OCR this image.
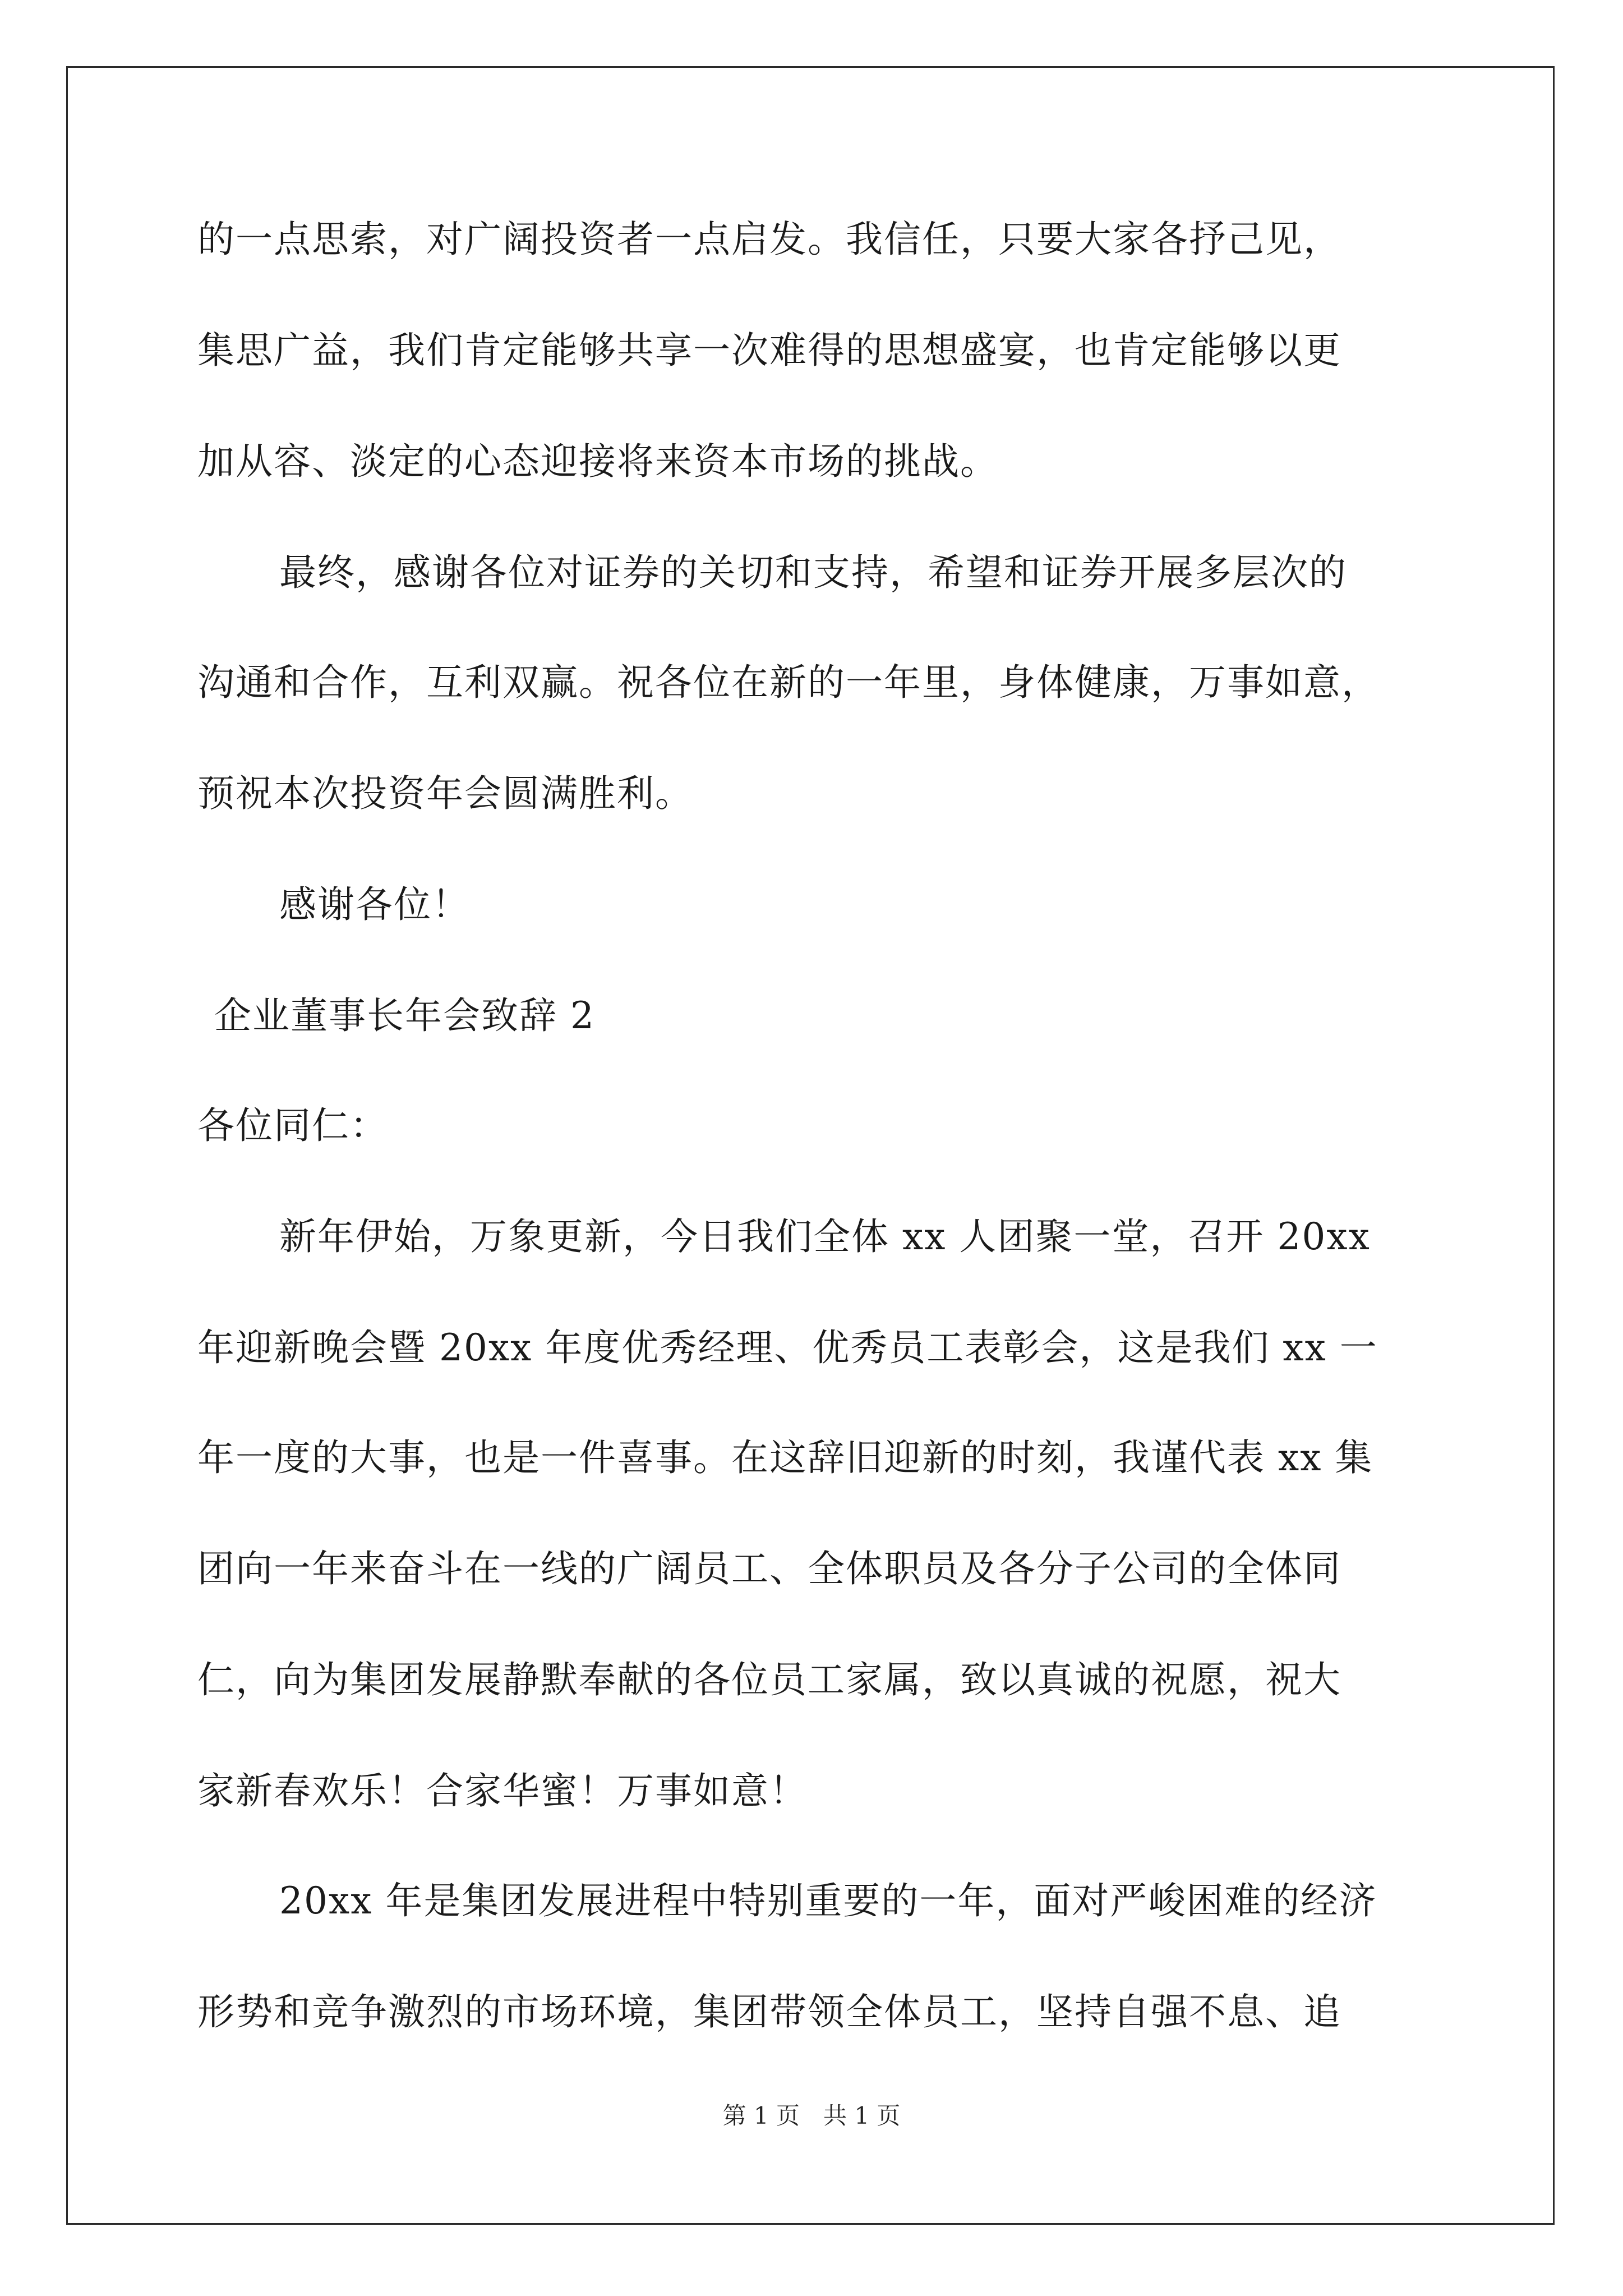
的一点思索，对广阔投资者一点启发。我信任，只要大家各抒己见，
集思广益，我们肯定能够共享一次难得的思想盛宴，也肯定能够以更
加从容、淡定的心态迎接将来资本市场的挑战。
最终，感谢各位对证券的关切和支持，希望和证券开展多层次的
沟通和合作，互利双赢。祝各位在新的一年里，身体健康，万事如意，
预祝本次投资年会圆满胜利。
感谢各位！
企业董事长年会致辞 2
各位同仁：
新年伊始，万象更新，今日我们全体 xx 人团聚一堂，召开 20xx
年迎新晚会暨 20xx 年度优秀经理、优秀员工表彰会，这是我们 xx 一
年一度的大事，也是一件喜事。在这辞旧迎新的时刻，我谨代表 xx 集
团向一年来奋斗在一线的广阔员工、全体职员及各分子公司的全体同
仁，向为集团发展静默奉献的各位员工家属，致以真诚的祝愿，祝大
家新春欢乐！合家华蜜！万事如意！
20xx 年是集团发展进程中特别重要的一年，面对严峻困难的经济
形势和竞争激烈的市场环境，集团带领全体员工，坚持自强不息、追
第 1 页　共 1 页
